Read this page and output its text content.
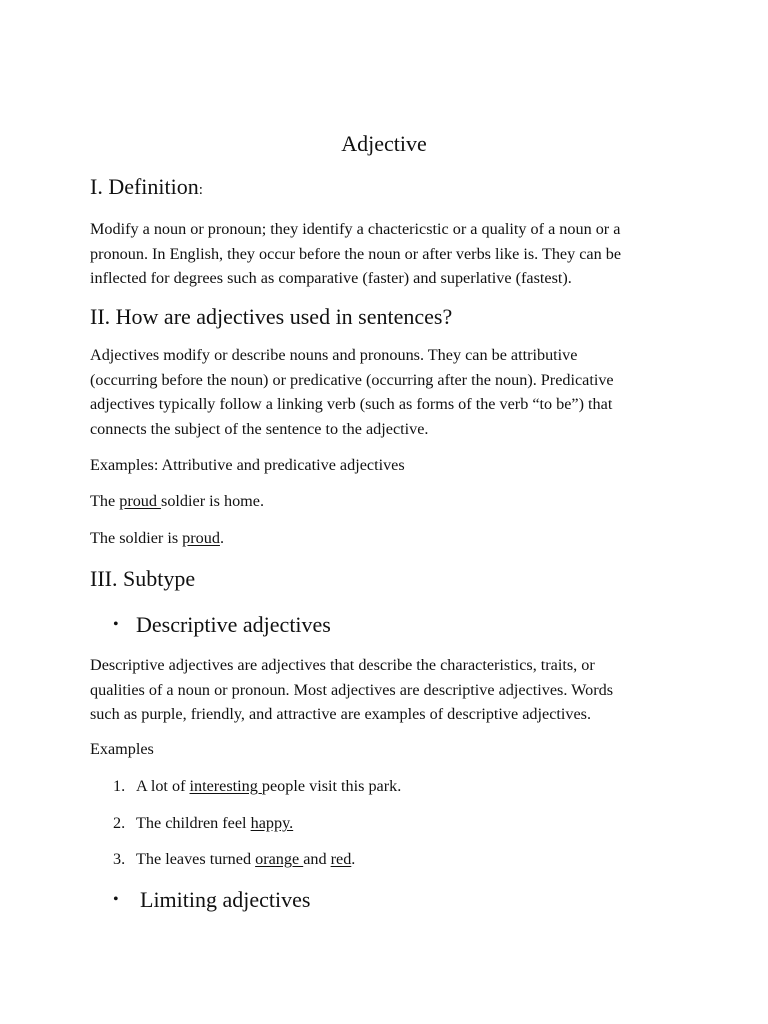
Adjective
I. Definition:
Modify a noun or pronoun; they identify a chactericstic or a quality of a noun or a
pronoun. In English, they occur before the noun or after verbs like is. They can be
inflected for degrees such as comparative (faster) and superlative (fastest).
II. How are adjectives used in sentences?
Adjectives modify or describe nouns and pronouns. They can be attributive
(occurring before the noun) or predicative (occurring after the noun). Predicative
adjectives typically follow a linking verb (such as forms of the verb “to be”) that
connects the subject of the sentence to the adjective.
Examples: Attributive and predicative adjectives
The proud soldier is home.
The soldier is proud.
III. Subtype
• Descriptive adjectives
Descriptive adjectives are adjectives that describe the characteristics, traits, or
qualities of a noun or pronoun. Most adjectives are descriptive adjectives. Words
such as purple, friendly, and attractive are examples of descriptive adjectives.
Examples
1. A lot of interesting people visit this park.
2. The children feel happy.
3. The leaves turned orange and red.
• Limiting adjectives
